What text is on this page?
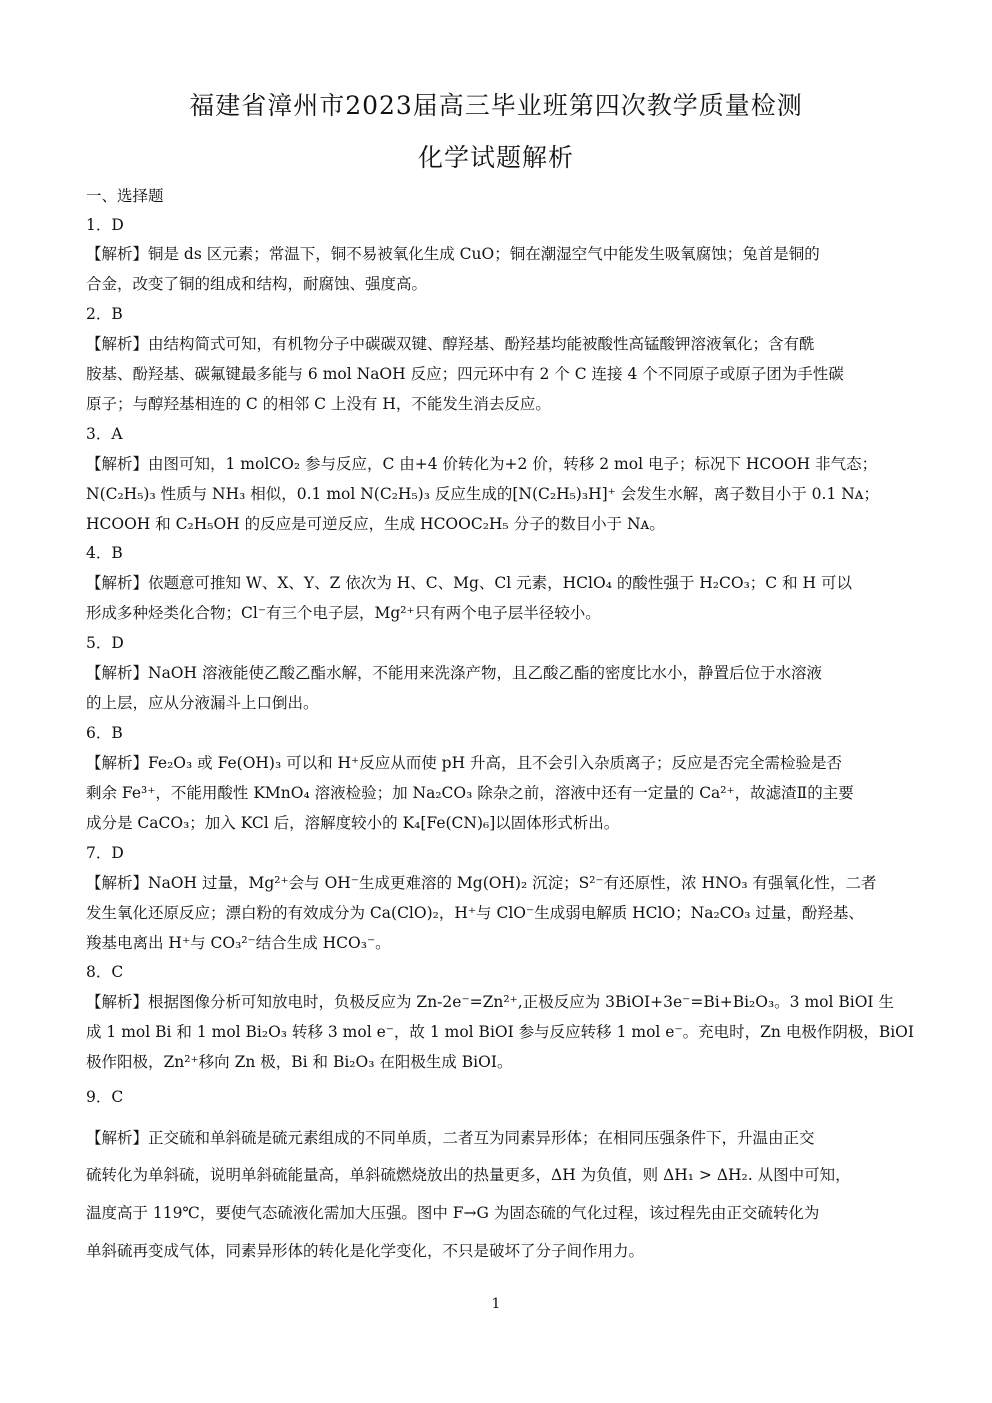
福建省漳州市2023届高三毕业班第四次教学质量检测
化学试题解析
一、选择题
1．D
【解析】铜是 ds 区元素；常温下，铜不易被氧化生成 CuO；铜在潮湿空气中能发生吸氧腐蚀；兔首是铜的
合金，改变了铜的组成和结构，耐腐蚀、强度高。
2．B
【解析】由结构简式可知，有机物分子中碳碳双键、醇羟基、酚羟基均能被酸性高锰酸钾溶液氧化；含有酰
胺基、酚羟基、碳氟键最多能与 6 mol NaOH 反应；四元环中有 2 个 C 连接 4 个不同原子或原子团为手性碳
原子；与醇羟基相连的 C 的相邻 C 上没有 H，不能发生消去反应。
3．A
【解析】由图可知，1 molCO₂ 参与反应，C 由+4 价转化为+2 价，转移 2 mol 电子；标况下 HCOOH 非气态；
N(C₂H₅)₃ 性质与 NH₃ 相似，0.1 mol N(C₂H₅)₃ 反应生成的[N(C₂H₅)₃H]⁺ 会发生水解，离子数目小于 0.1 Nᴀ；
HCOOH 和 C₂H₅OH 的反应是可逆反应，生成 HCOOC₂H₅ 分子的数目小于 Nᴀ。
4．B
【解析】依题意可推知 W、X、Y、Z 依次为 H、C、Mg、Cl 元素，HClO₄ 的酸性强于 H₂CO₃；C 和 H 可以
形成多种烃类化合物；Cl⁻有三个电子层，Mg²⁺只有两个电子层半径较小。
5．D
【解析】NaOH 溶液能使乙酸乙酯水解，不能用来洗涤产物，且乙酸乙酯的密度比水小，静置后位于水溶液
的上层，应从分液漏斗上口倒出。
6．B
【解析】Fe₂O₃ 或 Fe(OH)₃ 可以和 H⁺反应从而使 pH 升高，且不会引入杂质离子；反应是否完全需检验是否
剩余 Fe³⁺，不能用酸性 KMnO₄ 溶液检验；加 Na₂CO₃ 除杂之前，溶液中还有一定量的 Ca²⁺，故滤渣Ⅱ的主要
成分是 CaCO₃；加入 KCl 后，溶解度较小的 K₄[Fe(CN)₆]以固体形式析出。
7．D
【解析】NaOH 过量，Mg²⁺会与 OH⁻生成更难溶的 Mg(OH)₂ 沉淀；S²⁻有还原性，浓 HNO₃ 有强氧化性，二者
发生氧化还原反应；漂白粉的有效成分为 Ca(ClO)₂，H⁺与 ClO⁻生成弱电解质 HClO；Na₂CO₃ 过量，酚羟基、
羧基电离出 H⁺与 CO₃²⁻结合生成 HCO₃⁻。
8．C
【解析】根据图像分析可知放电时，负极反应为 Zn-2e⁻=Zn²⁺,正极反应为 3BiOI+3e⁻=Bi+Bi₂O₃。3 mol BiOI 生
成 1 mol Bi 和 1 mol Bi₂O₃ 转移 3 mol e⁻，故 1 mol BiOI 参与反应转移 1 mol e⁻。充电时，Zn 电极作阴极，BiOI
极作阳极，Zn²⁺移向 Zn 极，Bi 和 Bi₂O₃ 在阳极生成 BiOI。
9．C
【解析】正交硫和单斜硫是硫元素组成的不同单质，二者互为同素异形体；在相同压强条件下，升温由正交
硫转化为单斜硫，说明单斜硫能量高，单斜硫燃烧放出的热量更多，ΔH 为负值，则 ΔH₁ > ΔH₂. 从图中可知，
温度高于 119℃，要使气态硫液化需加大压强。图中 F→G 为固态硫的气化过程，该过程先由正交硫转化为
单斜硫再变成气体，同素异形体的转化是化学变化，不只是破坏了分子间作用力。
1
